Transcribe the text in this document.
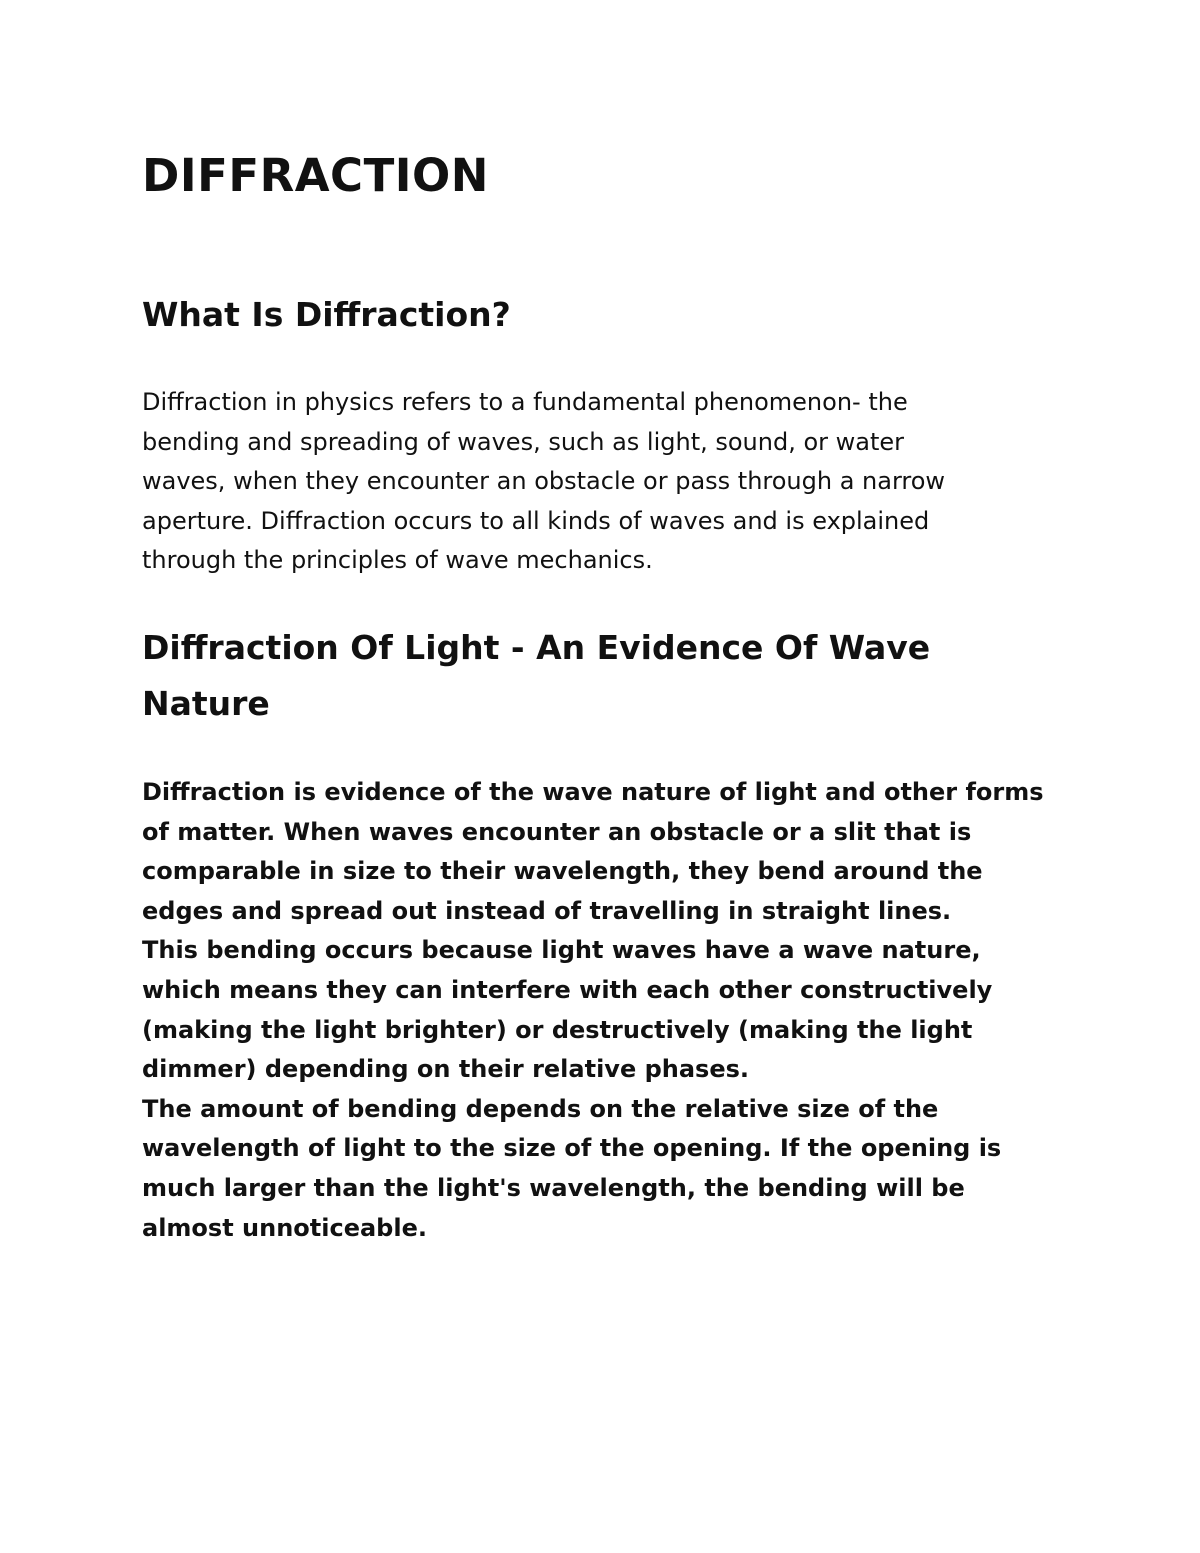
DIFFRACTION
What Is Diffraction?

Diffraction in physics refers to a fundamental phenomenon- the
bending and spreading of waves, such as light, sound, or water
waves, when they encounter an obstacle or pass through a narrow
aperture. Diffraction occurs to all kinds of waves and is explained
through the principles of wave mechanics.

Diffraction Of Light - An Evidence Of Wave Nature

Diffraction is evidence of the wave nature of light and other forms
of matter. When waves encounter an obstacle or a slit that is
comparable in size to their wavelength, they bend around the
edges and spread out instead of travelling in straight lines.
This bending occurs because light waves have a wave nature,
which means they can interfere with each other constructively
(making the light brighter) or destructively (making the light
dimmer) depending on their relative phases.
The amount of bending depends on the relative size of the
wavelength of light to the size of the opening. If the opening is
much larger than the light's wavelength, the bending will be
almost unnoticeable.
